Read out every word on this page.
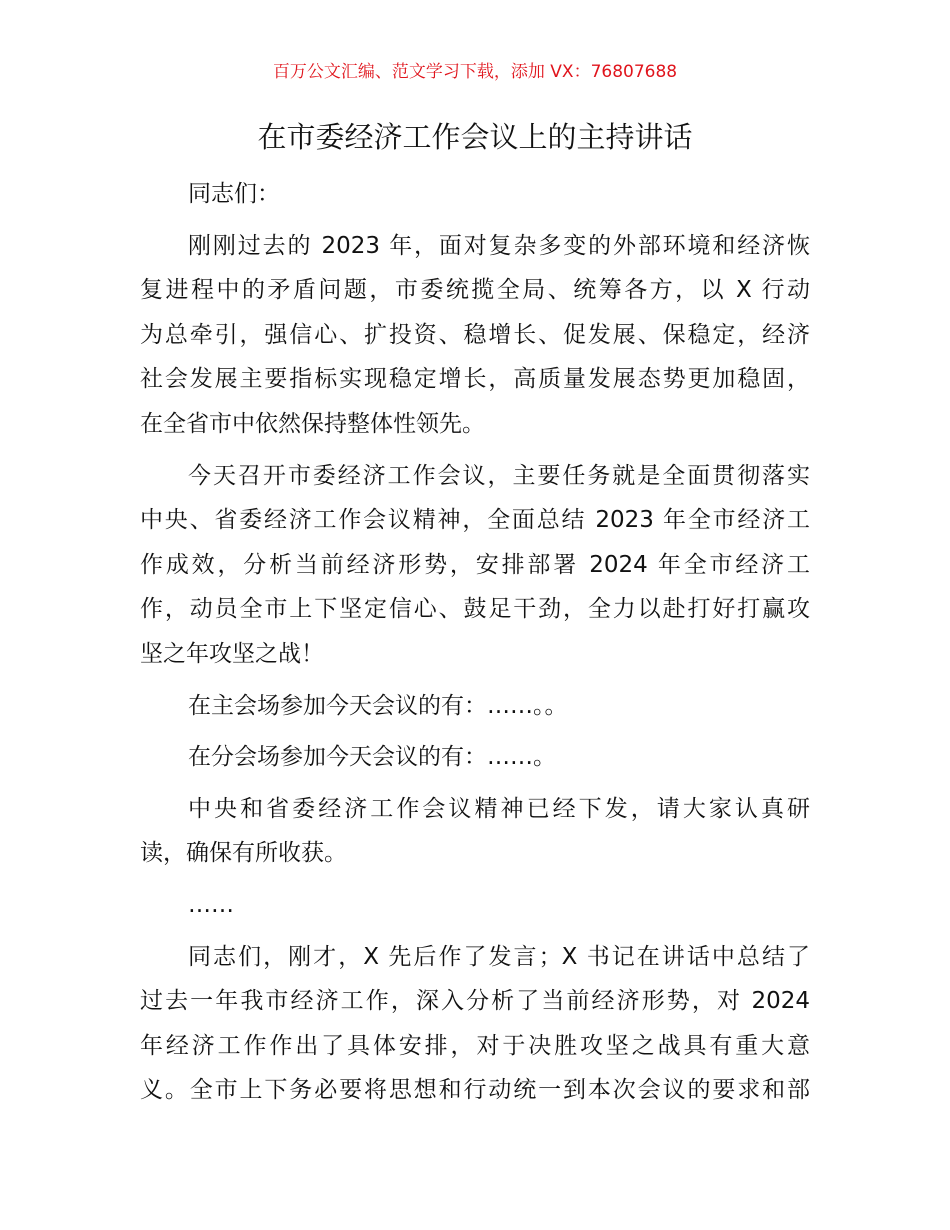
百万公文汇编、范文学习下载，添加 VX：76807688
在市委经济工作会议上的主持讲话
同志们：
刚刚过去的 2023 年，面对复杂多变的外部环境和经济恢
复进程中的矛盾问题，市委统揽全局、统筹各方，以 X 行动
为总牵引，强信心、扩投资、稳增长、促发展、保稳定，经济
社会发展主要指标实现稳定增长，高质量发展态势更加稳固，
在全省市中依然保持整体性领先。
今天召开市委经济工作会议，主要任务就是全面贯彻落实
中央、省委经济工作会议精神，全面总结 2023 年全市经济工
作成效，分析当前经济形势，安排部署 2024 年全市经济工
作，动员全市上下坚定信心、鼓足干劲，全力以赴打好打赢攻
坚之年攻坚之战！
在主会场参加今天会议的有：……。。
在分会场参加今天会议的有：……。
中央和省委经济工作会议精神已经下发，请大家认真研
读，确保有所收获。
……
同志们，刚才，X 先后作了发言；X 书记在讲话中总结了
过去一年我市经济工作，深入分析了当前经济形势，对 2024
年经济工作作出了具体安排，对于决胜攻坚之战具有重大意
义。全市上下务必要将思想和行动统一到本次会议的要求和部
